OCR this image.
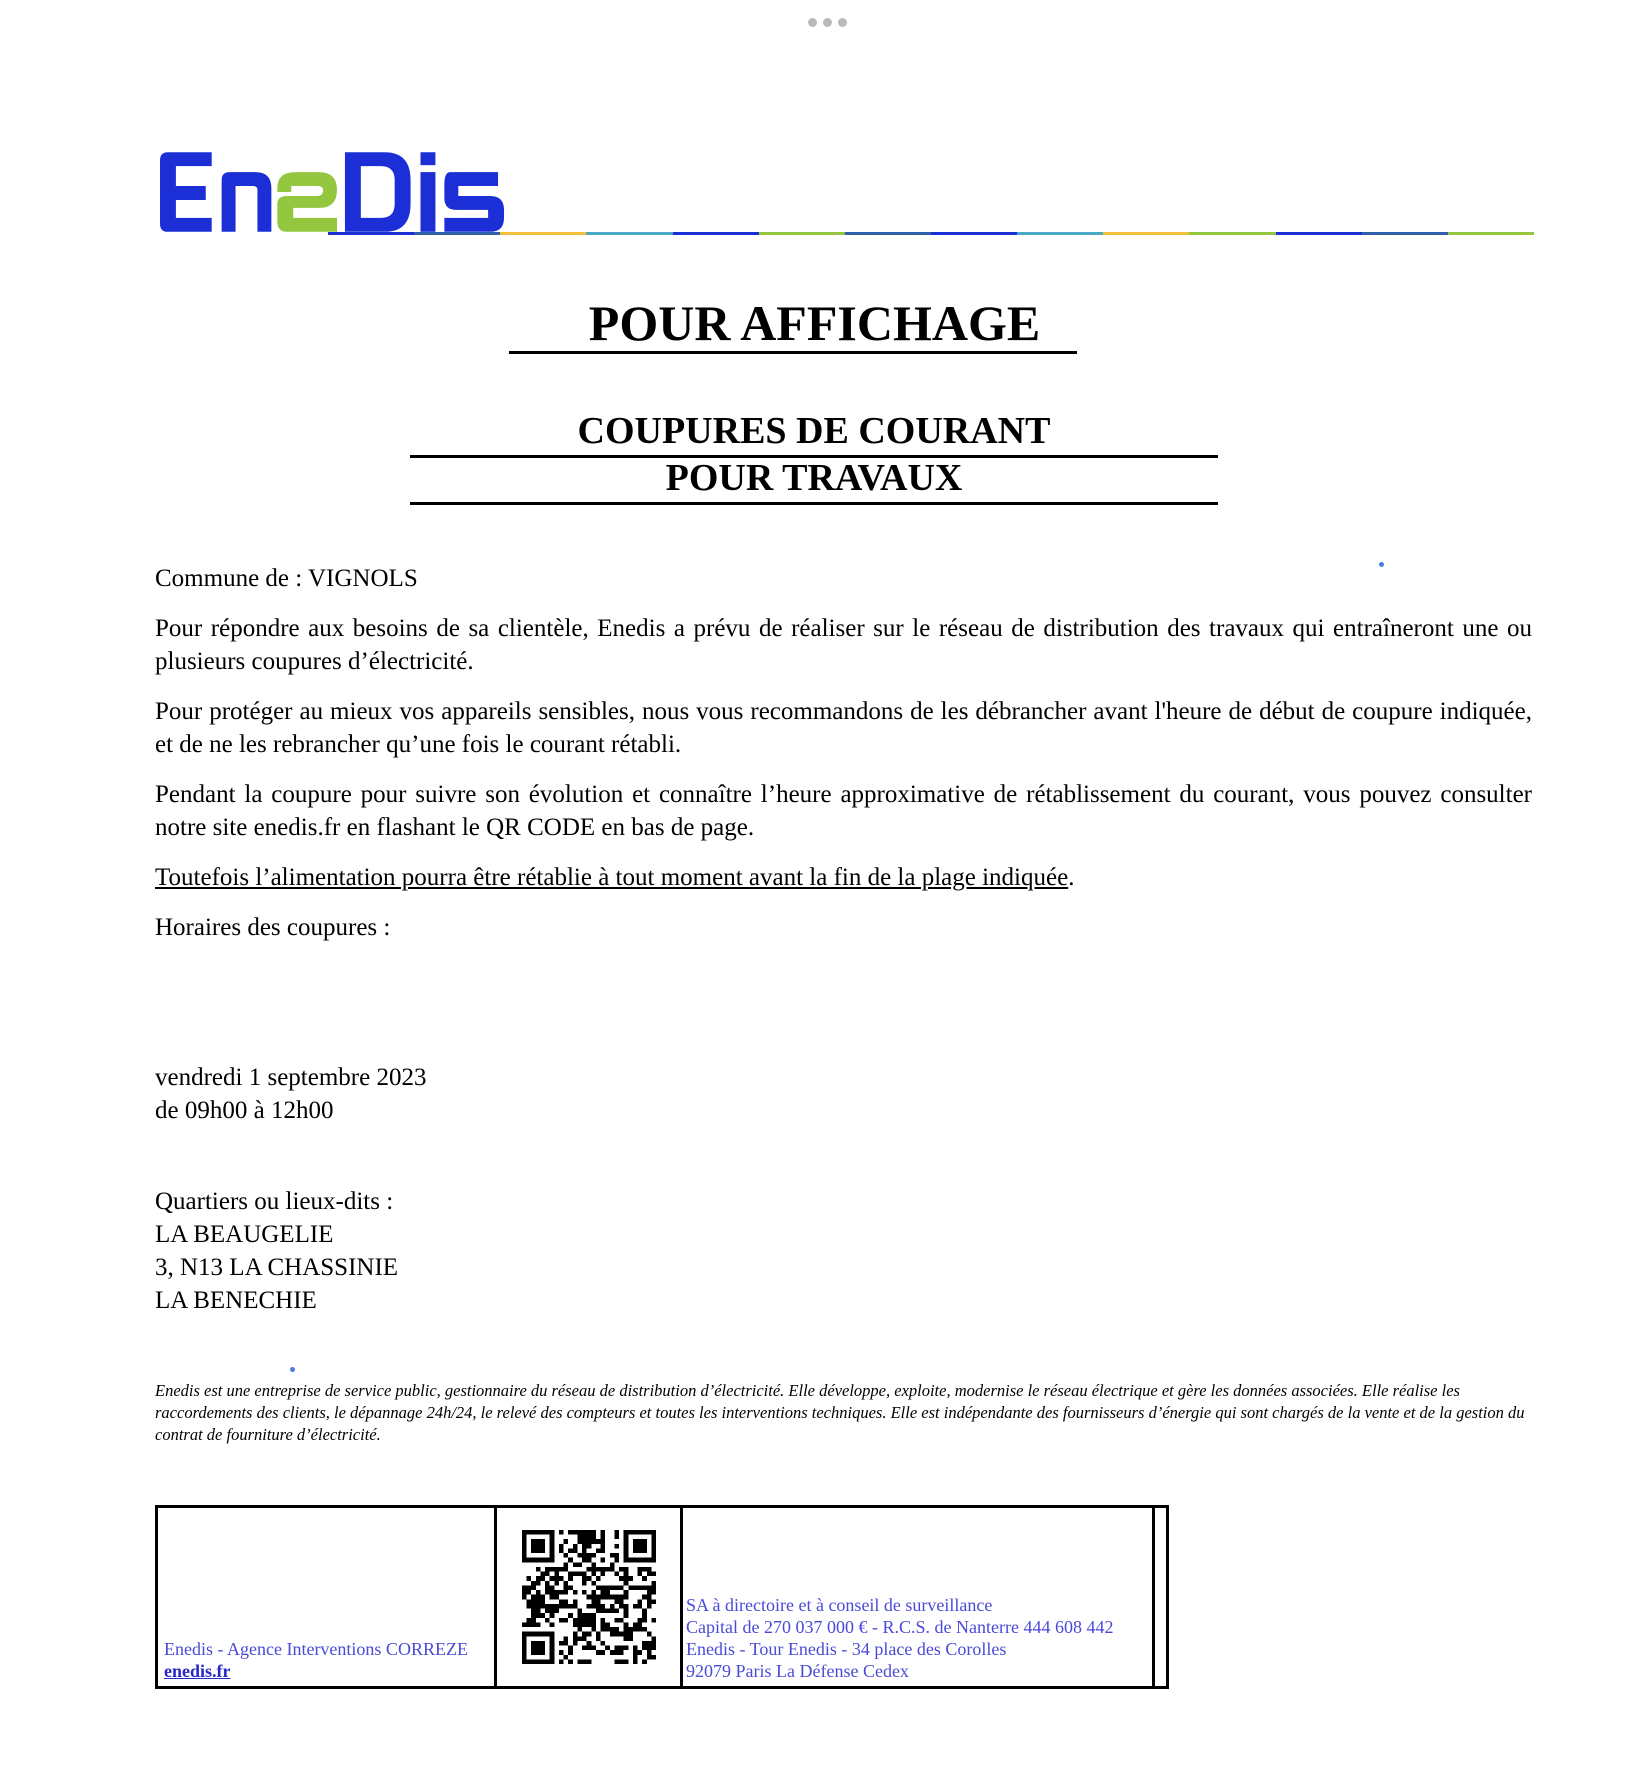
POUR AFFICHAGE
COUPURES DE COURANT
POUR TRAVAUX
Commune de : VIGNOLS

Pour répondre aux besoins de sa clientèle, Enedis a prévu de réaliser sur le réseau de distribution des travaux qui entraîneront une ou plusieurs coupures d’électricité.

Pour protéger au mieux vos appareils sensibles, nous vous recommandons de les débrancher avant l'heure de début de coupure indiquée, et de ne les rebrancher qu’une fois le courant rétabli.

Pendant la coupure pour suivre son évolution et connaître l’heure approximative de rétablissement du courant, vous pouvez consulter notre site enedis.fr en flashant le QR CODE en bas de page.

Toutefois l’alimentation pourra être rétablie à tout moment avant la fin de la plage indiquée.
Horaires des coupures :
vendredi 1 septembre 2023
de 09h00 à 12h00
Quartiers ou lieux-dits :
LA BEAUGELIE
3, N13 LA CHASSINIE
LA BENECHIE
Enedis est une entreprise de service public, gestionnaire du réseau de distribution d’électricité. Elle développe, exploite, modernise le réseau électrique et gère les données associées. Elle réalise les raccordements des clients, le dépannage 24h/24, le relevé des compteurs et toutes les interventions techniques. Elle est indépendante des fournisseurs d’énergie qui sont chargés de la vente et de la gestion du contrat de fourniture d’électricité.
Enedis - Agence Interventions CORREZE
enedis.fr
SA à directoire et à conseil de surveillance
Capital de 270 037 000 € - R.C.S. de Nanterre 444 608 442
Enedis - Tour Enedis - 34 place des Corolles
92079 Paris La Défense Cedex
